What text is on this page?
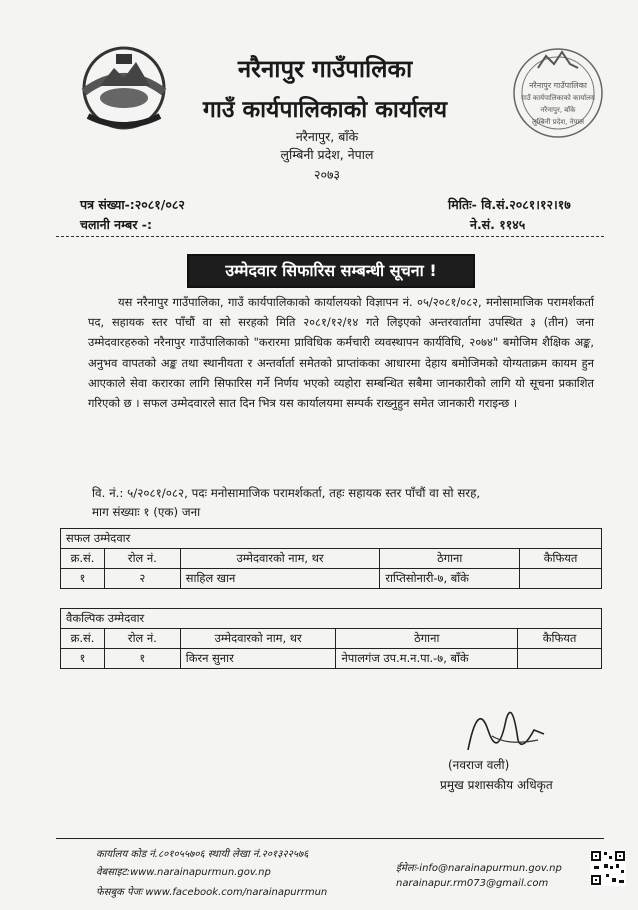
नरैनापुर गाउँपालिका
गाउँ कार्यपालिकाको कार्यालय
नरैनापुर, बाँके
लुम्बिनी प्रदेश, नेपाल
नरैनापुर गाउँपालिका
गाउँ कार्यपालिकाको कार्यालय
नरैनापुर, बाँके
लुम्बिनी प्रदेश, नेपाल
२०७३
पत्र संख्या-:२०८१/०८२
चलानी नम्बर -:
मितिः- वि.सं.२०८१।१२।१७
ने.सं. ११४५
उम्मेदवार सिफारिस सम्बन्धी सूचना !

यस नरैनापुर गाउँपालिका, गाउँ कार्यपालिकाको कार्यालयको विज्ञापन नं. ०५/२०८१/०८२, मनोसामाजिक परामर्शकर्ता पद, सहायक स्तर पाँचौं वा सो सरहको मिति २०८१/१२/१४ गते लिइएको अन्तरवार्तामा उपस्थित ३ (तीन) जना उम्मेदवारहरुको नरैनापुर गाउँपालिकाको "करारमा प्राविधिक कर्मचारी व्यवस्थापन कार्यविधि, २०७४" बमोजिम शैक्षिक अङ्क, अनुभव वापतको अङ्क तथा स्थानीयता र अन्तर्वार्ता समेतको प्राप्तांकका आधारमा देहाय बमोजिमको योग्यताक्रम कायम हुन आएकाले सेवा करारका लागि सिफारिस गर्ने निर्णय भएको व्यहोरा सम्बन्धित सबैमा जानकारीको लागि यो सूचना प्रकाशित गरिएको छ । सफल उम्मेदवारले सात दिन भित्र यस कार्यालयमा सम्पर्क राख्नुहुन समेत जानकारी गराइन्छ ।

वि. नं.: ५/२०८१/०८२, पदः मनोसामाजिक परामर्शकर्ता, तहः सहायक स्तर पाँचौं वा सो सरह,
माग संख्याः १ (एक) जना
सफल उम्मेदवार				
क्र.सं.	रोल नं.	उम्मेदवारको नाम, थर	ठेगाना	कैफियत
१	२	साहिल खान	राप्तिसोनारी-७, बाँके	
वैकल्पिक उम्मेदवार				
क्र.सं.	रोल नं.	उम्मेदवारको नाम, थर	ठेगाना	कैफियत
१	१	किरन सुनार	नेपालगंज उप.म.न.पा.-७, बाँके	
(नवराज वली)
प्रमुख प्रशासकीय अधिकृत
कार्यालय कोड नं.८०१०५५७०६ स्थायी लेखा नं.२०१३२२५७६
वेबसाइट:www.narainapurmun.gov.np
फेसबुक पेजः www.facebook.com/narainapurrmun
ईमेलः-info@narainapurmun.gov.np
narainapur.rm073@gmail.com
